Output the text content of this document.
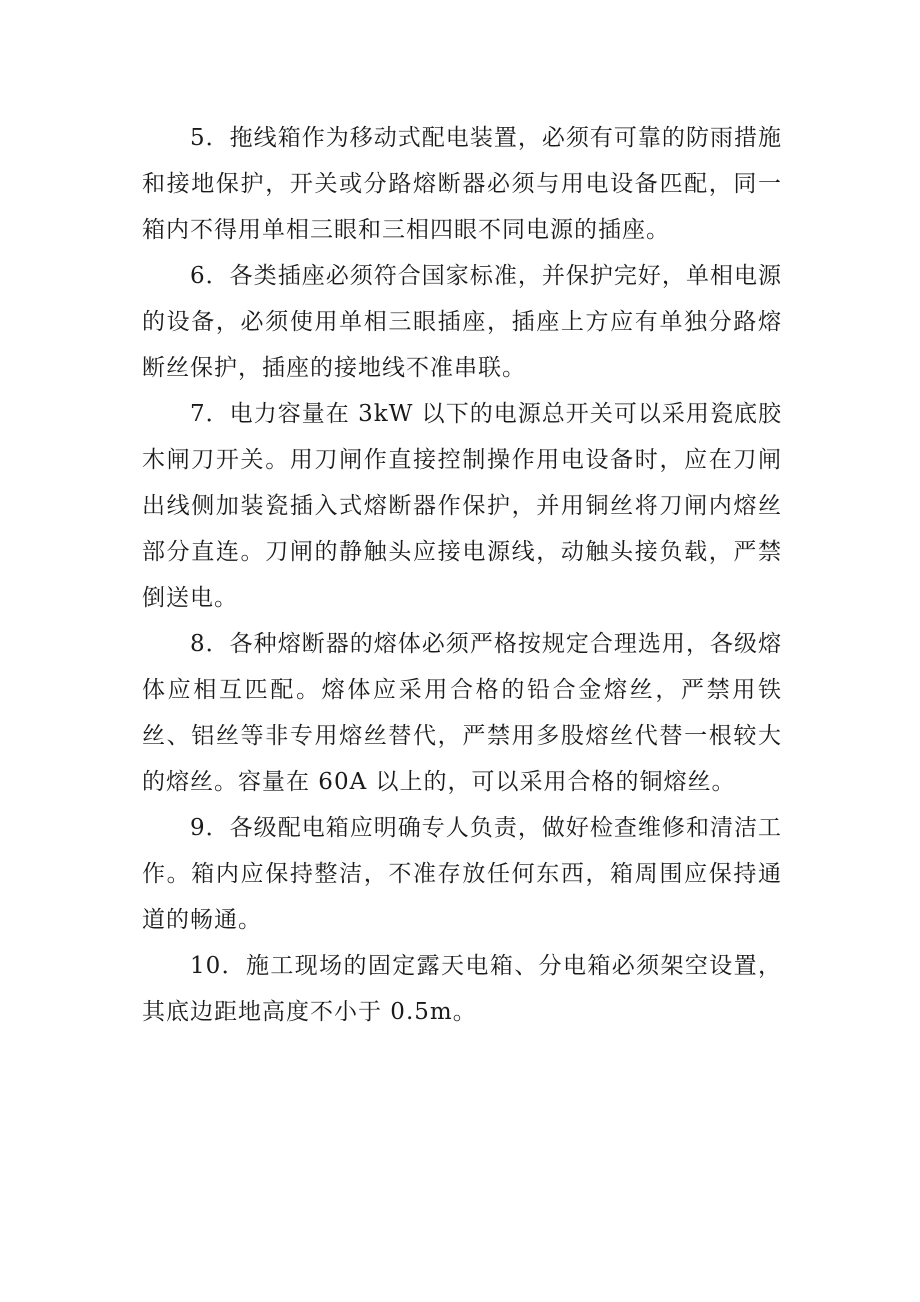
5．拖线箱作为移动式配电装置，必须有可靠的防雨措施和接地保护，开关或分路熔断器必须与用电设备匹配，同一箱内不得用单相三眼和三相四眼不同电源的插座。

6．各类插座必须符合国家标准，并保护完好，单相电源的设备，必须使用单相三眼插座，插座上方应有单独分路熔断丝保护，插座的接地线不准串联。

7．电力容量在 3kW 以下的电源总开关可以采用瓷底胶木闸刀开关。用刀闸作直接控制操作用电设备时，应在刀闸出线侧加装瓷插入式熔断器作保护，并用铜丝将刀闸内熔丝部分直连。刀闸的静触头应接电源线，动触头接负载，严禁倒送电。

8．各种熔断器的熔体必须严格按规定合理选用，各级熔体应相互匹配。熔体应采用合格的铅合金熔丝，严禁用铁丝、铝丝等非专用熔丝替代，严禁用多股熔丝代替一根较大的熔丝。容量在 60A 以上的，可以采用合格的铜熔丝。

9．各级配电箱应明确专人负责，做好检查维修和清洁工作。箱内应保持整洁，不准存放任何东西，箱周围应保持通道的畅通。

10．施工现场的固定露天电箱、分电箱必须架空设置，其底边距地高度不小于 0.5m。
